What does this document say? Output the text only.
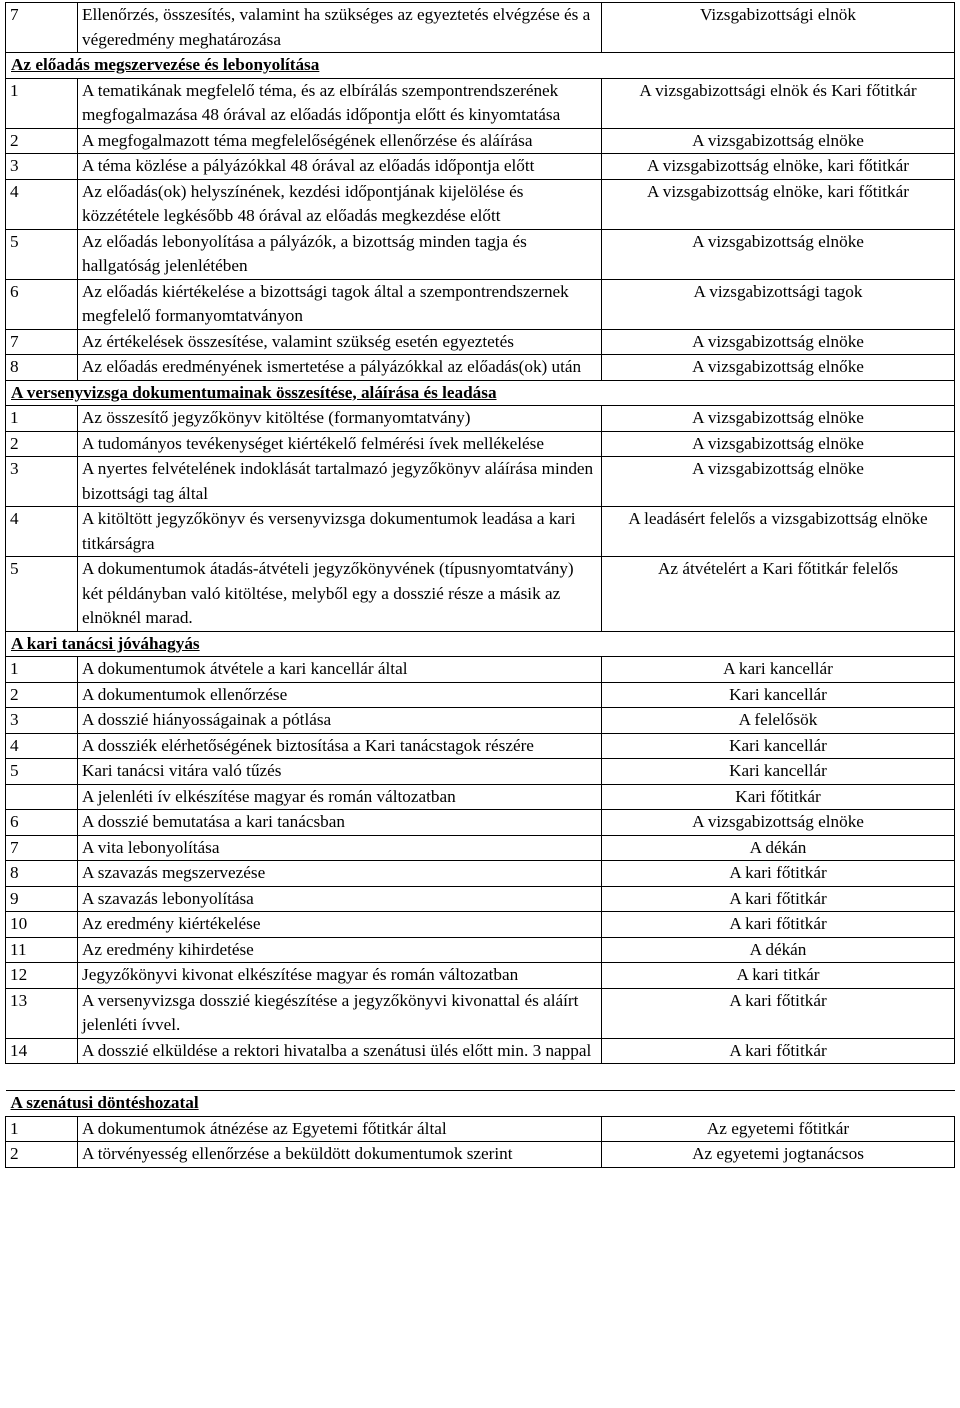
7	Ellenőrzés, összesítés, valamint ha szükséges az egyeztetés elvégzése és a végeredmény meghatározása	Vizsgabizottsági elnök
Az előadás megszervezése és lebonyolítása		
1	A tematikának megfelelő téma, és az elbírálás szempontrendszerének megfogalmazása 48 órával az előadás időpontja előtt és kinyomtatása	A vizsgabizottsági elnök és Kari főtitkár
2	A megfogalmazott téma megfelelőségének ellenőrzése és aláírása	A vizsgabizottság elnöke
3	A téma közlése a pályázókkal 48 órával az előadás időpontja előtt	A vizsgabizottság elnöke, kari főtitkár
4	Az előadás(ok) helyszínének, kezdési időpontjának kijelölése és közzététele legkésőbb 48 órával az előadás megkezdése előtt	A vizsgabizottság elnöke, kari főtitkár
5	Az előadás lebonyolítása a pályázók, a bizottság minden tagja és hallgatóság jelenlétében	A vizsgabizottság elnöke
6	Az előadás kiértékelése a bizottsági tagok által a szempontrendszernek megfelelő formanyomtatványon	A vizsgabizottsági tagok
7	Az értékelések összesítése, valamint szükség esetén egyeztetés	A vizsgabizottság elnöke
8	Az előadás eredményének ismertetése a pályázókkal az előadás(ok) után	A vizsgabizottság elnőke
A versenyvizsga dokumentumainak összesítése, aláírása és leadása		
1	Az összesítő jegyzőkönyv kitöltése (formanyomtatvány)	A vizsgabizottság elnöke
2	A tudományos tevékenységet kiértékelő felmérési ívek mellékelése	A vizsgabizottság elnöke
3	A nyertes felvételének indoklását tartalmazó jegyzőkönyv aláírása minden bizottsági tag által	A vizsgabizottság elnöke
4	A kitöltött jegyzőkönyv és versenyvizsga dokumentumok leadása a kari titkárságra	A leadásért felelős a vizsgabizottság elnöke
5	A dokumentumok átadás-átvételi jegyzőkönyvének (típusnyomtatvány) két példányban való kitöltése, melyből egy a dosszié része a másik az elnöknél marad.	Az átvételért a Kari főtitkár felelős
A kari tanácsi jóváhagyás		
1	A dokumentumok átvétele a kari kancellár által	A kari kancellár
2	A dokumentumok ellenőrzése	Kari kancellár
3	A dosszié hiányosságainak a pótlása	A felelősök
4	A dossziék elérhetőségének biztosítása a Kari tanácstagok részére	Kari kancellár
5	Kari tanácsi vitára való tűzés	Kari kancellár
	A jelenléti ív elkészítése magyar és román változatban	Kari főtitkár
6	A dosszié bemutatása a kari tanácsban	A vizsgabizottság elnöke
7	A vita lebonyolítása	A dékán
8	A szavazás megszervezése	A kari főtitkár
9	A szavazás lebonyolítása	A kari főtitkár
10	Az eredmény kiértékelése	A kari főtitkár
11	Az eredmény kihirdetése	A dékán
12	Jegyzőkönyvi kivonat elkészítése magyar és román változatban	A kari titkár
13	A versenyvizsga dosszié kiegészítése a jegyzőkönyvi kivonattal és aláírt jelenléti ívvel.	A kari főtitkár
14	A dosszié elküldése a rektori hivatalba a szenátusi ülés előtt min. 3 nappal	A kari főtitkár

A szenátusi döntéshozatal		
1	A dokumentumok átnézése az Egyetemi főtitkár által	Az egyetemi főtitkár
2	A törvényesség ellenőrzése a beküldött dokumentumok szerint	Az egyetemi jogtanácsos
